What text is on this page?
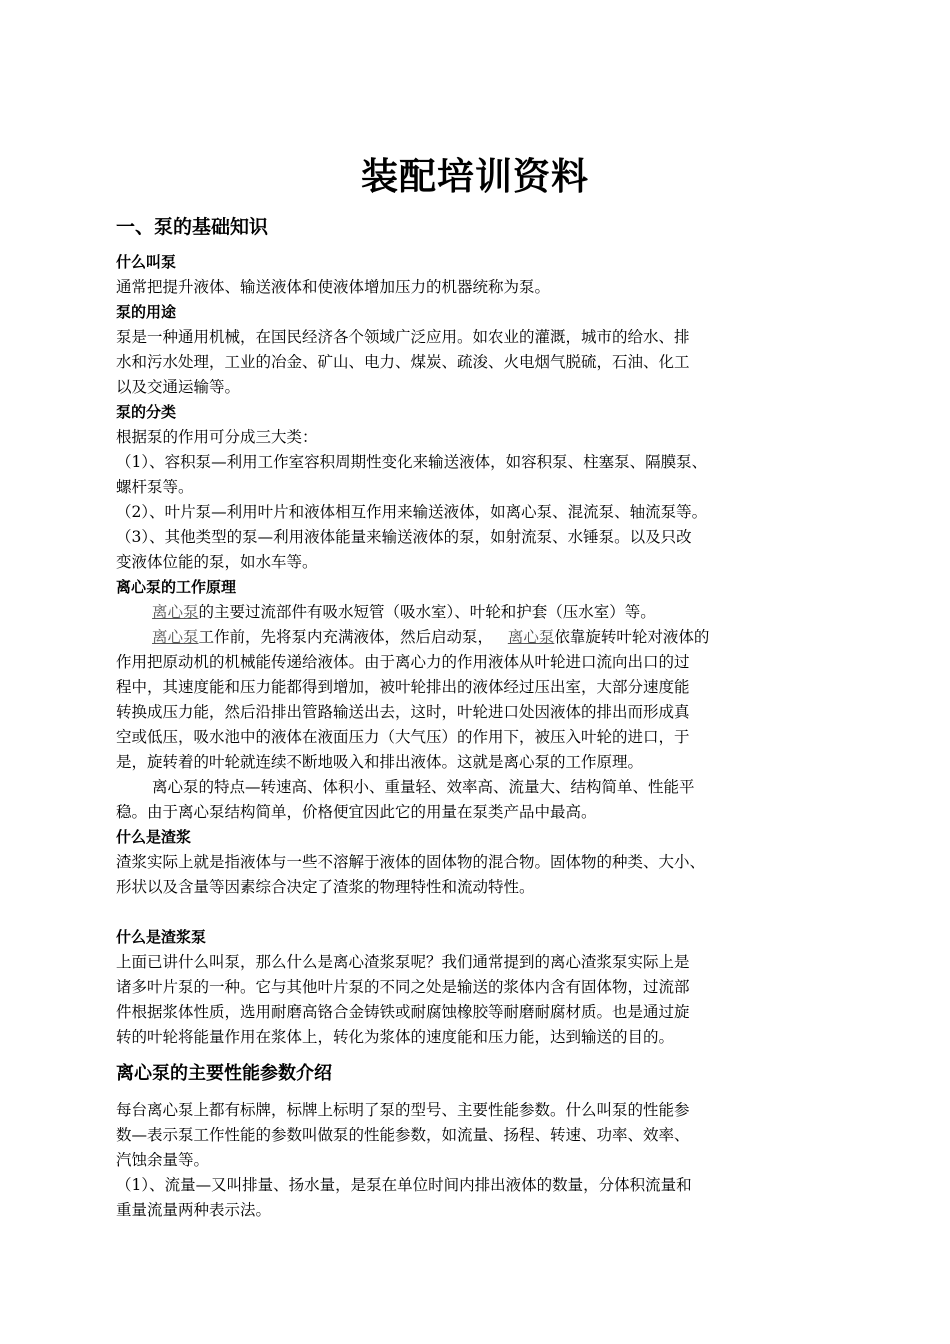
装配培训资料
一、泵的基础知识
什么叫泵
通常把提升液体、输送液体和使液体增加压力的机器统称为泵。
泵的用途
泵是一种通用机械，在国民经济各个领域广泛应用。如农业的灌溉，城市的给水、排
水和污水处理，工业的冶金、矿山、电力、煤炭、疏浚、火电烟气脱硫，石油、化工
以及交通运输等。
泵的分类
根据泵的作用可分成三大类：
（1）、容积泵—利用工作室容积周期性变化来输送液体，如容积泵、柱塞泵、隔膜泵、
螺杆泵等。
（2）、叶片泵—利用叶片和液体相互作用来输送液体，如离心泵、混流泵、轴流泵等。
（3）、其他类型的泵—利用液体能量来输送液体的泵，如射流泵、水锤泵。以及只改
变液体位能的泵，如水车等。
离心泵的工作原理
离心泵的主要过流部件有吸水短管（吸水室）、叶轮和护套（压水室）等。
离心泵工作前，先将泵内充满液体，然后启动泵， 离心泵依靠旋转叶轮对液体的
作用把原动机的机械能传递给液体。由于离心力的作用液体从叶轮进口流向出口的过
程中，其速度能和压力能都得到增加，被叶轮排出的液体经过压出室，大部分速度能
转换成压力能，然后沿排出管路输送出去，这时，叶轮进口处因液体的排出而形成真
空或低压，吸水池中的液体在液面压力（大气压）的作用下，被压入叶轮的进口，于
是，旋转着的叶轮就连续不断地吸入和排出液体。这就是离心泵的工作原理。
离心泵的特点—转速高、体积小、重量轻、效率高、流量大、结构简单、性能平
稳。由于离心泵结构简单，价格便宜因此它的用量在泵类产品中最高。
什么是渣浆
渣浆实际上就是指液体与一些不溶解于液体的固体物的混合物。固体物的种类、大小、
形状以及含量等因素综合决定了渣浆的物理特性和流动特性。
什么是渣浆泵
上面已讲什么叫泵，那么什么是离心渣浆泵呢？我们通常提到的离心渣浆泵实际上是
诸多叶片泵的一种。它与其他叶片泵的不同之处是输送的浆体内含有固体物，过流部
件根据浆体性质，选用耐磨高铬合金铸铁或耐腐蚀橡胶等耐磨耐腐材质。也是通过旋
转的叶轮将能量作用在浆体上，转化为浆体的速度能和压力能，达到输送的目的。
离心泵的主要性能参数介绍
每台离心泵上都有标牌，标牌上标明了泵的型号、主要性能参数。什么叫泵的性能参
数—表示泵工作性能的参数叫做泵的性能参数，如流量、扬程、转速、功率、效率、
汽蚀余量等。
（1）、流量—又叫排量、扬水量，是泵在单位时间内排出液体的数量，分体积流量和
重量流量两种表示法。
